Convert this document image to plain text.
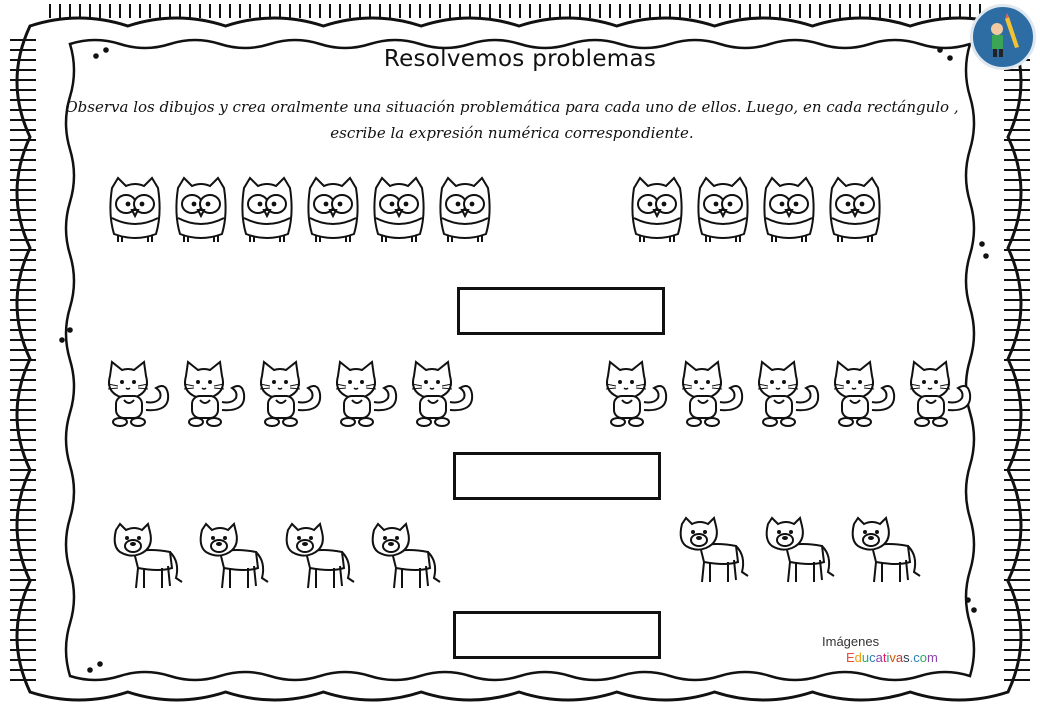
Resolvemos problemas
Observa los dibujos y crea oralmente una situación problemática para cada uno de ellos. Luego, en cada rectángulo , escribe la expresión numérica correspondiente.
Imágenes
Educativas.com
